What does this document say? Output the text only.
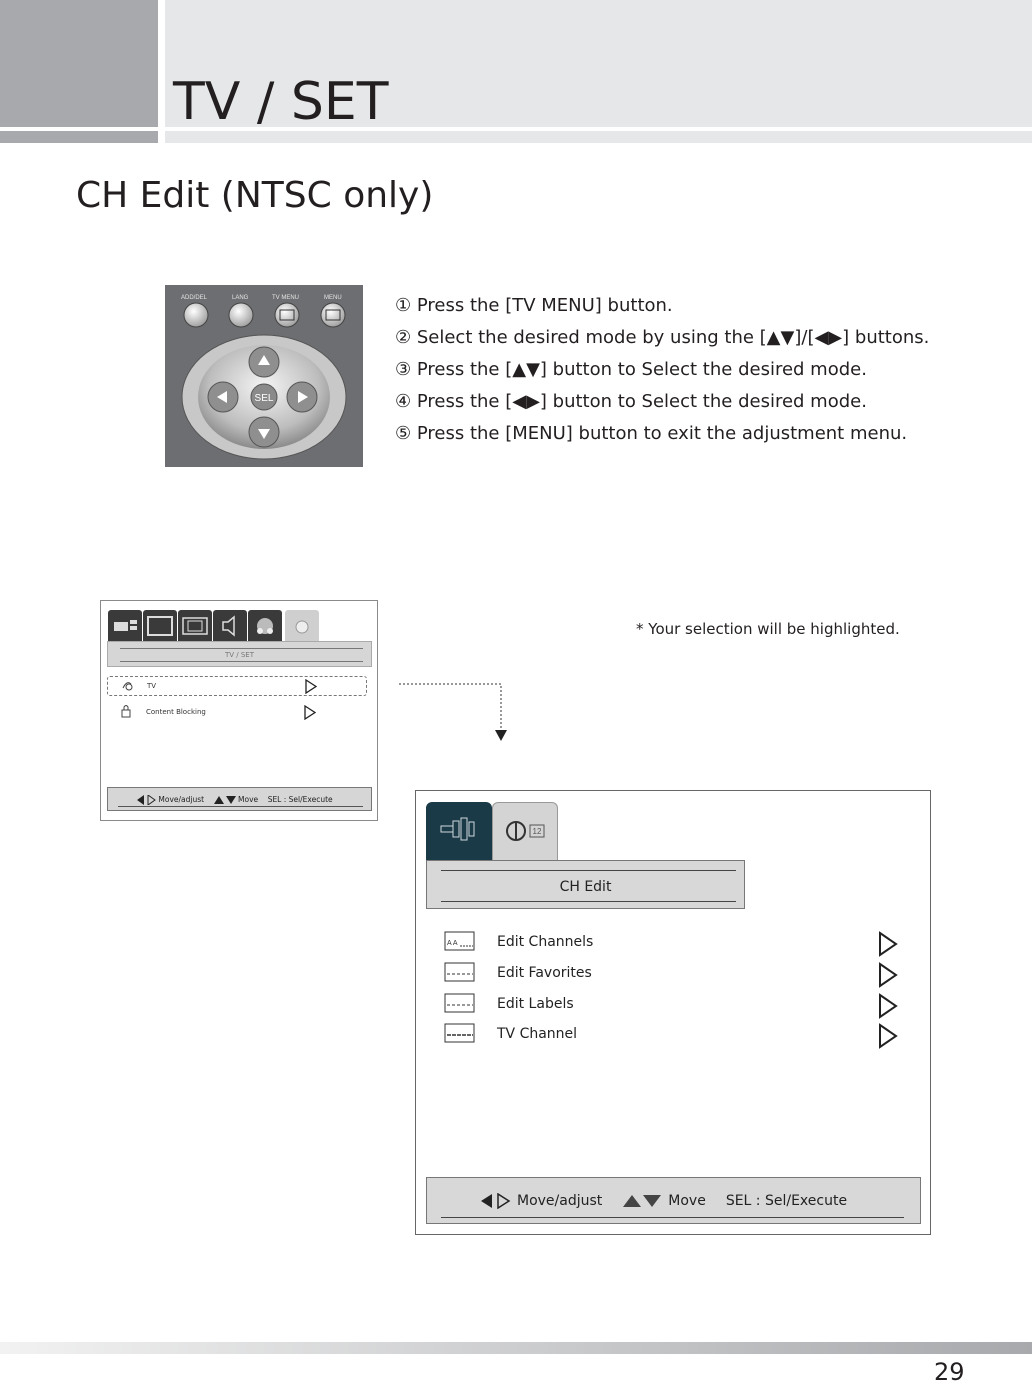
TV / SET
CH Edit (NTSC only)
ADD/DEL	LANG	TV MENU	MENU
SEL
① Press the [TV MENU] button.
② Select the desired mode by using the [▲▼]/[◀▶] buttons.
③ Press the [▲▼] button to Select the desired mode.
④ Press the [◀▶] button to Select the desired mode.
⑤ Press the [MENU] button to exit the adjustment menu.
TV / SET
TV
Content Blocking
Move/adjust	Move SEL : Sel/Execute
* Your selection will be highlighted.
12
CH Edit
A A	Edit Channels
Edit Favorites
Edit Labels
TV Channel
Move/adjust	Move SEL : Sel/Execute
29
